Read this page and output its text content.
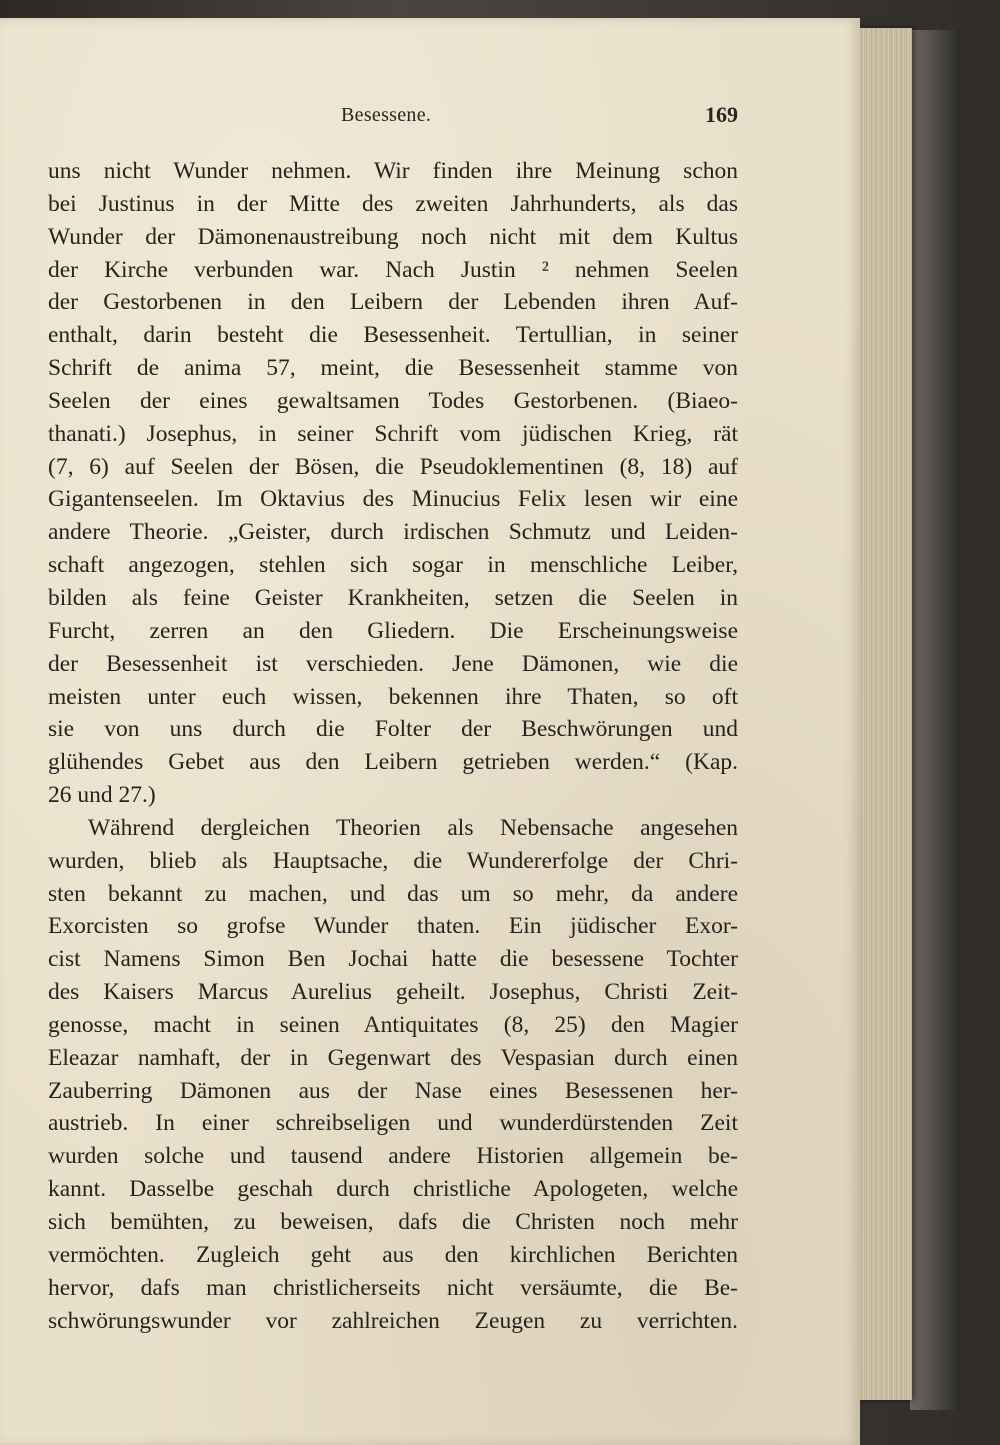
Besessene.	169
uns nicht Wunder nehmen. Wir finden ihre Meinung schon
bei Justinus in der Mitte des zweiten Jahrhunderts, als das
Wunder der Dämonenaustreibung noch nicht mit dem Kultus
der Kirche verbunden war. Nach Justin ² nehmen Seelen
der Gestorbenen in den Leibern der Lebenden ihren Auf-
enthalt, darin besteht die Besessenheit. Tertullian, in seiner
Schrift de anima 57, meint, die Besessenheit stamme von
Seelen der eines gewaltsamen Todes Gestorbenen. (Biaeo-
thanati.) Josephus, in seiner Schrift vom jüdischen Krieg, rät
(7, 6) auf Seelen der Bösen, die Pseudoklementinen (8, 18) auf
Gigantenseelen. Im Oktavius des Minucius Felix lesen wir eine
andere Theorie. „Geister, durch irdischen Schmutz und Leiden-
schaft angezogen, stehlen sich sogar in menschliche Leiber,
bilden als feine Geister Krankheiten, setzen die Seelen in
Furcht, zerren an den Gliedern. Die Erscheinungsweise
der Besessenheit ist verschieden. Jene Dämonen, wie die
meisten unter euch wissen, bekennen ihre Thaten, so oft
sie von uns durch die Folter der Beschwörungen und
glühendes Gebet aus den Leibern getrieben werden.“ (Kap.
26 und 27.)
Während dergleichen Theorien als Nebensache angesehen
wurden, blieb als Hauptsache, die Wundererfolge der Chri-
sten bekannt zu machen, und das um so mehr, da andere
Exorcisten so grofse Wunder thaten. Ein jüdischer Exor-
cist Namens Simon Ben Jochai hatte die besessene Tochter
des Kaisers Marcus Aurelius geheilt. Josephus, Christi Zeit-
genosse, macht in seinen Antiquitates (8, 25) den Magier
Eleazar namhaft, der in Gegenwart des Vespasian durch einen
Zauberring Dämonen aus der Nase eines Besessenen her-
austrieb. In einer schreibseligen und wunderdürstenden Zeit
wurden solche und tausend andere Historien allgemein be-
kannt. Dasselbe geschah durch christliche Apologeten, welche
sich bemühten, zu beweisen, dafs die Christen noch mehr
vermöchten. Zugleich geht aus den kirchlichen Berichten
hervor, dafs man christlicherseits nicht versäumte, die Be-
schwörungswunder vor zahlreichen Zeugen zu verrichten.
